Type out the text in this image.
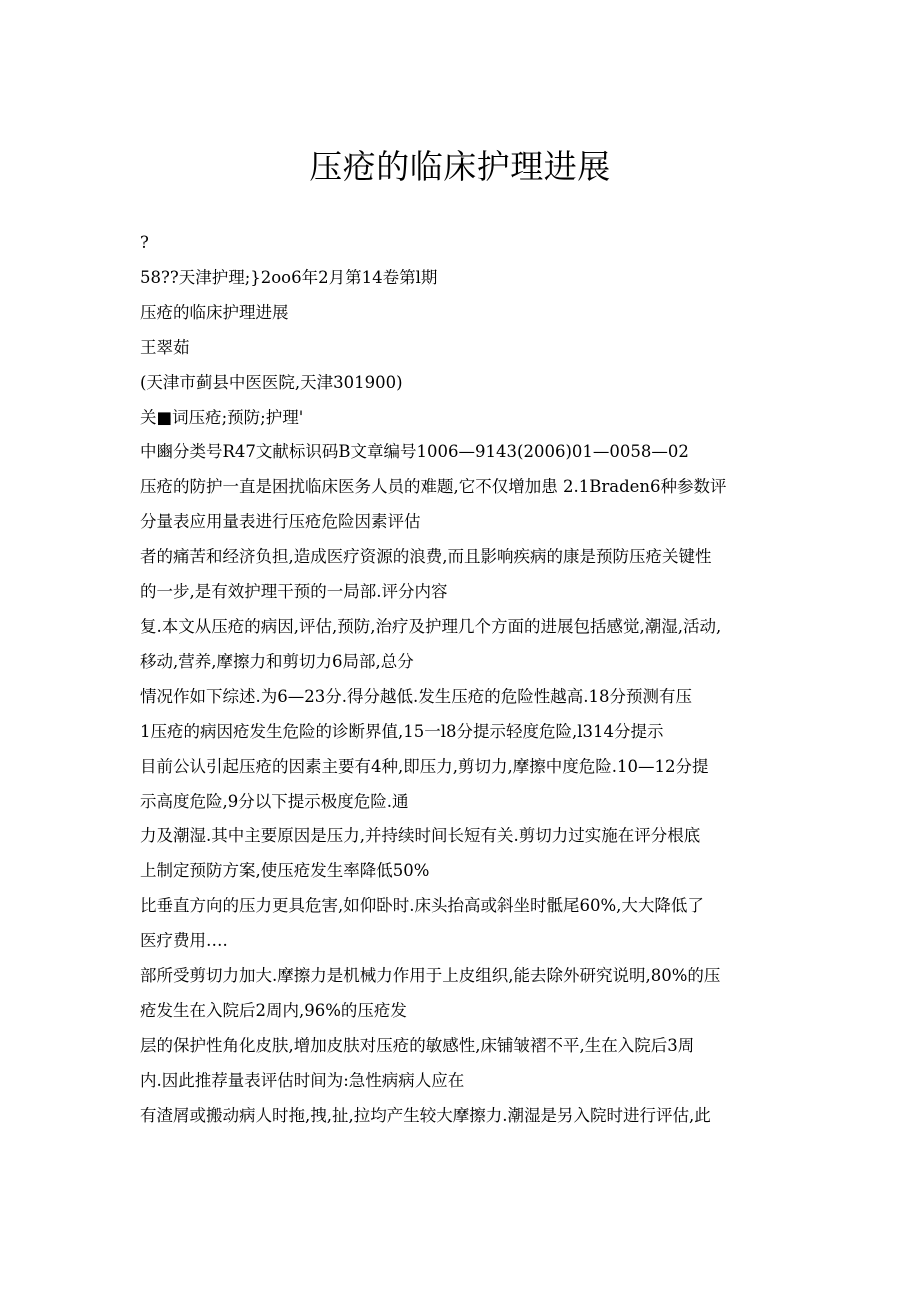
压疮的临床护理进展

?

58??天津护理;}2oo6年2月第14卷第l期

压疮的临床护理进展

王翠茹

(天津市蓟县中医医院,天津301900)

关■词压疮;预防;护理'

中豳分类号R47文献标识码B文章编号1006—9143(2006)01—0058—02

压疮的防护一直是困扰临床医务人员的难题,它不仅增加患 2.1Braden6种参数评

分量表应用量表进行压疮危险因素评估

者的痛苦和经济负担,造成医疗资源的浪费,而且影响疾病的康是预防压疮关键性

的一步,是有效护理干预的一局部.评分内容

复.本文从压疮的病因,评估,预防,治疗及护理几个方面的进展包括感觉,潮湿,活动,

移动,营养,摩擦力和剪切力6局部,总分

情况作如下综述.为6—23分.得分越低.发生压疮的危险性越高.18分预测有压

1压疮的病因疮发生危险的诊断界值,15一l8分提示轻度危险,l314分提示

目前公认引起压疮的因素主要有4种,即压力,剪切力,摩擦中度危险.10—12分提

示高度危险,9分以下提示极度危险.通

力及潮湿.其中主要原因是压力,并持续时间长短有关.剪切力过实施在评分根底

上制定预防方案,使压疮发生率降低50%

比垂直方向的压力更具危害,如仰卧时.床头抬高或斜坐时骶尾60%,大大降低了

医疗费用….

部所受剪切力加大.摩擦力是机械力作用于上皮组织,能去除外研究说明,80%的压

疮发生在入院后2周内,96%的压疮发

层的保护性角化皮肤,增加皮肤对压疮的敏感性,床铺皱褶不平,生在入院后3周

内.因此推荐量表评估时间为:急性病病人应在

有渣屑或搬动病人时拖,拽,扯,拉均产生较大摩擦力.潮湿是另入院时进行评估,此
